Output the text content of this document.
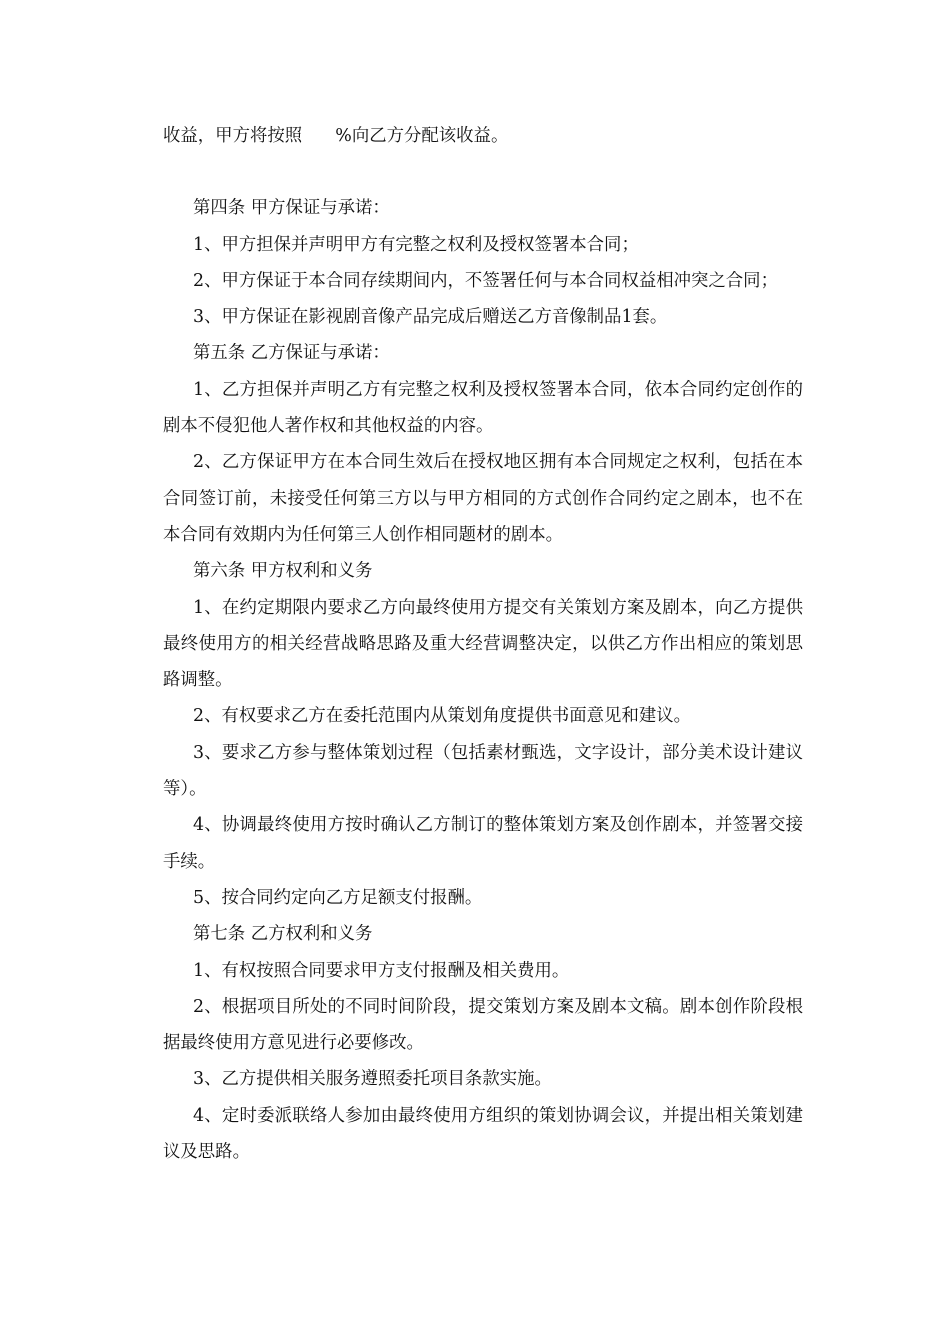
收益，甲方将按照      %向乙方分配该收益。

第四条 甲方保证与承诺：

1、甲方担保并声明甲方有完整之权利及授权签署本合同；

2、甲方保证于本合同存续期间内，不签署任何与本合同权益相冲突之合同；

3、甲方保证在影视剧音像产品完成后赠送乙方音像制品1套。

第五条 乙方保证与承诺：

1、乙方担保并声明乙方有完整之权利及授权签署本合同，依本合同约定创作的剧本不侵犯他人著作权和其他权益的内容。

2、乙方保证甲方在本合同生效后在授权地区拥有本合同规定之权利，包括在本合同签订前，未接受任何第三方以与甲方相同的方式创作合同约定之剧本，也不在本合同有效期内为任何第三人创作相同题材的剧本。

第六条 甲方权利和义务

1、在约定期限内要求乙方向最终使用方提交有关策划方案及剧本，向乙方提供最终使用方的相关经营战略思路及重大经营调整决定，以供乙方作出相应的策划思路调整。

2、有权要求乙方在委托范围内从策划角度提供书面意见和建议。

3、要求乙方参与整体策划过程（包括素材甄选，文字设计，部分美术设计建议等）。

4、协调最终使用方按时确认乙方制订的整体策划方案及创作剧本，并签署交接手续。

5、按合同约定向乙方足额支付报酬。

第七条 乙方权利和义务

1、有权按照合同要求甲方支付报酬及相关费用。

2、根据项目所处的不同时间阶段，提交策划方案及剧本文稿。剧本创作阶段根据最终使用方意见进行必要修改。

3、乙方提供相关服务遵照委托项目条款实施。

4、定时委派联络人参加由最终使用方组织的策划协调会议，并提出相关策划建议及思路。
